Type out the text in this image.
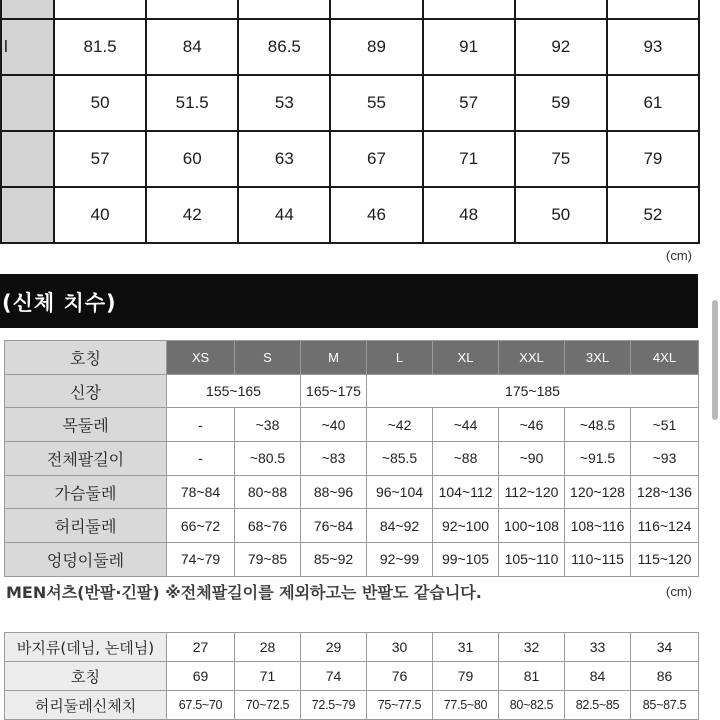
l	81.5	84	86.5	89	91	92	93
	50	51.5	53	55	57	59	61
	57	60	63	67	71	75	79
	40	42	44	46	48	50	52
(cm)
(신체 치수)
호칭	XS	S	M	L	XL	XXL	3XL	4XL
신장	155~165		165~175	175~185				
목둘레	-	~38	~40	~42	~44	~46	~48.5	~51
전체팔길이	-	~80.5	~83	~85.5	~88	~90	~91.5	~93
가슴둘레	78~84	80~88	88~96	96~104	104~112	112~120	120~128	128~136
허리둘레	66~72	68~76	76~84	84~92	92~100	100~108	108~116	116~124
엉덩이둘레	74~79	79~85	85~92	92~99	99~105	105~110	110~115	115~120
MEN셔츠(반팔·긴팔) ※전체팔길이를 제외하고는 반팔도 같습니다.	(cm)
바지류(데님, 논데님)	27	28	29	30	31	32	33	34
호칭	69	71	74	76	79	81	84	86
허리둘레신체치	67.5~70	70~72.5	72.5~79	75~77.5	77.5~80	80~82.5	82.5~85	85~87.5
